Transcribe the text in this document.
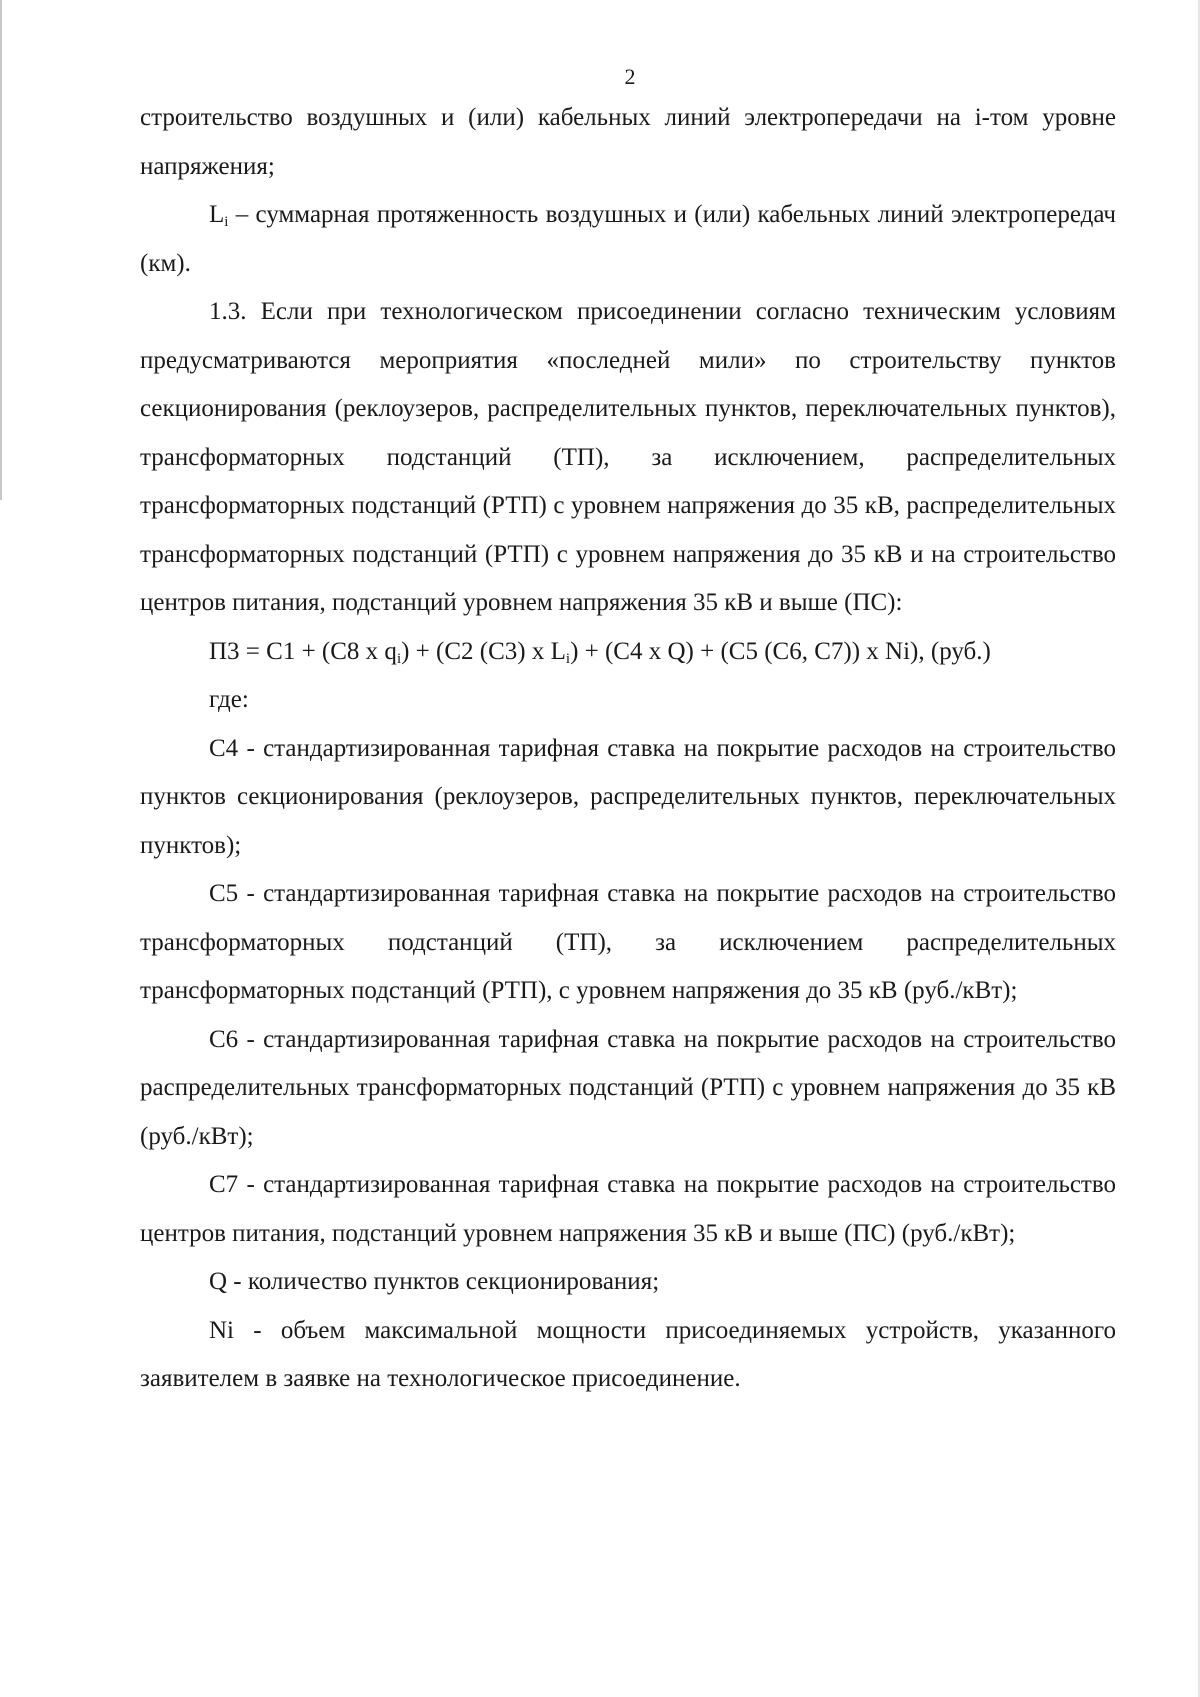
2

строительство воздушных и (или) кабельных линий электропередачи на i-том уровне напряжения;

$L_i$ – суммарная протяженность воздушных и (или) кабельных линий электропередач (км).

1.3. Если при технологическом присоединении согласно техническим условиям предусматриваются мероприятия «последней мили» по строительству пунктов секционирования (реклоузеров, распределительных пунктов, переключательных пунктов), трансформаторных подстанций (ТП), за исключением, распределительных трансформаторных подстанций (РТП) с уровнем напряжения до 35 кВ, распределительных трансформаторных подстанций (РТП) с уровнем напряжения до 35 кВ и на строительство центров питания, подстанций уровнем напряжения 35 кВ и выше (ПС):

П3 = С1 + (С8 х $q_i) + (С2$ (С3) х $L_i) + (С4$ х Q) + (С5 (С6, С7)) х Ni), (руб.)

где:

С4 - стандартизированная тарифная ставка на покрытие расходов на строительство пунктов секционирования (реклоузеров, распределительных пунктов, переключательных пунктов);

С5 - стандартизированная тарифная ставка на покрытие расходов на строительство трансформаторных подстанций (ТП), за исключением распределительных трансформаторных подстанций (РТП), с уровнем напряжения до 35 кВ (руб./кВт);

С6 - стандартизированная тарифная ставка на покрытие расходов на строительство распределительных трансформаторных подстанций (РТП) с уровнем напряжения до 35 кВ (руб./кВт);

С7 - стандартизированная тарифная ставка на покрытие расходов на строительство центров питания, подстанций уровнем напряжения 35 кВ и выше (ПС) (руб./кВт);

Q - количество пунктов секционирования;

Ni - объем максимальной мощности присоединяемых устройств, указанного заявителем в заявке на технологическое присоединение.
